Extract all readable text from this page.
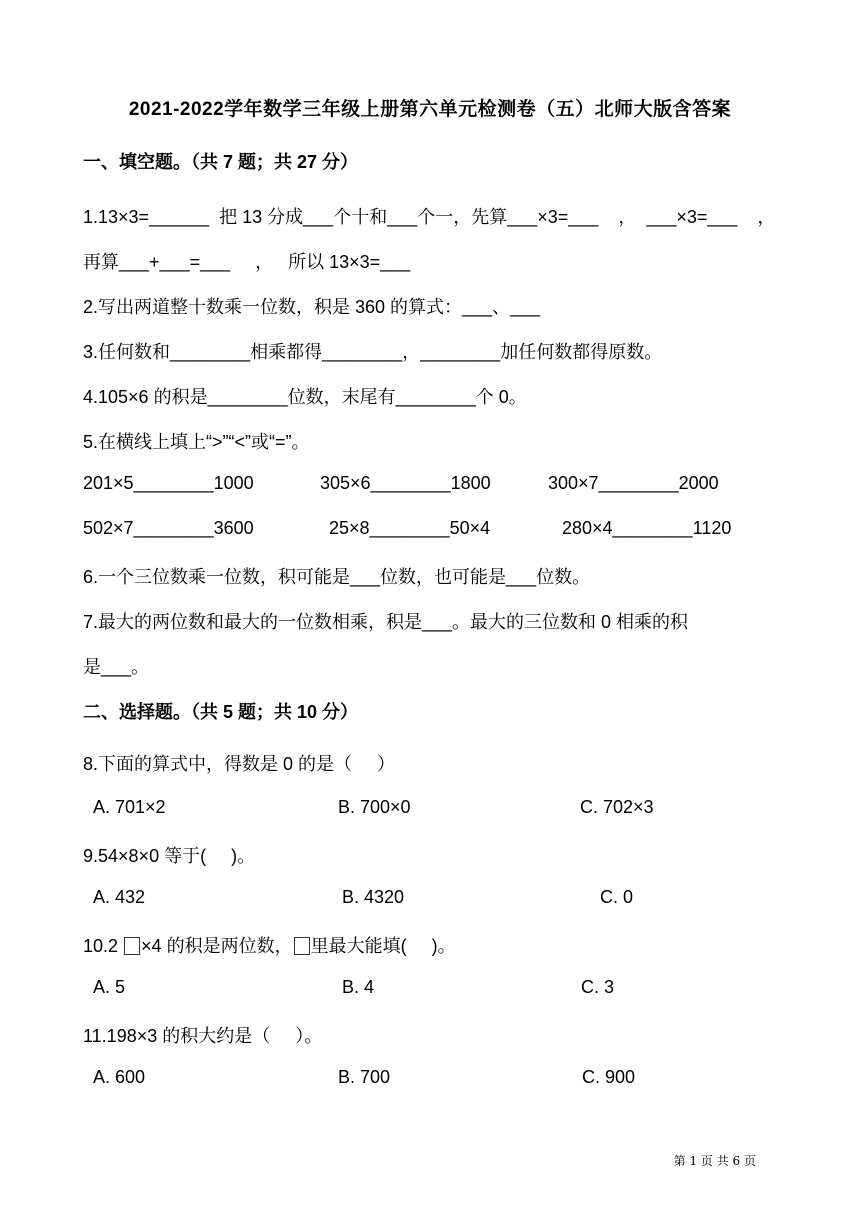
2021-2022学年数学三年级上册第六单元检测卷（五）北师大版含答案
一、填空题。（共 7 题；共 27 分）
1.13×3=______  把 13 分成___个十和___个一，先算___×3=___    ，  ___×3=___    ，
再算___+___=___     ，   所以 13×3=___
2.写出两道整十数乘一位数，积是 360 的算式：___、___
3.任何数和________相乘都得________，________加任何数都得原数。
4.105×6 的积是________位数，末尾有________个 0。
5.在横线上填上“>”“<”或“=”。
201×5________1000	305×6________1800	300×7________2000
502×7________3600	25×8________50×4	280×4________1120
6.一个三位数乘一位数，积可能是___位数，也可能是___位数。
7.最大的两位数和最大的一位数相乘，积是___。最大的三位数和 0 相乘的积
是___。
二、选择题。（共 5 题；共 10 分）
8.下面的算式中，得数是 0 的是（     ）
A. 701×2	B. 700×0	C. 702×3
9.54×8×0 等于(     )。
A. 432	B. 4320	C. 0
10.2 ×4 的积是两位数， 里最大能填(     )。
A. 5	B. 4	C. 3
11.198×3 的积大约是（     ）。
A. 600	B. 700	C. 900
第 1 页 共 6 页
